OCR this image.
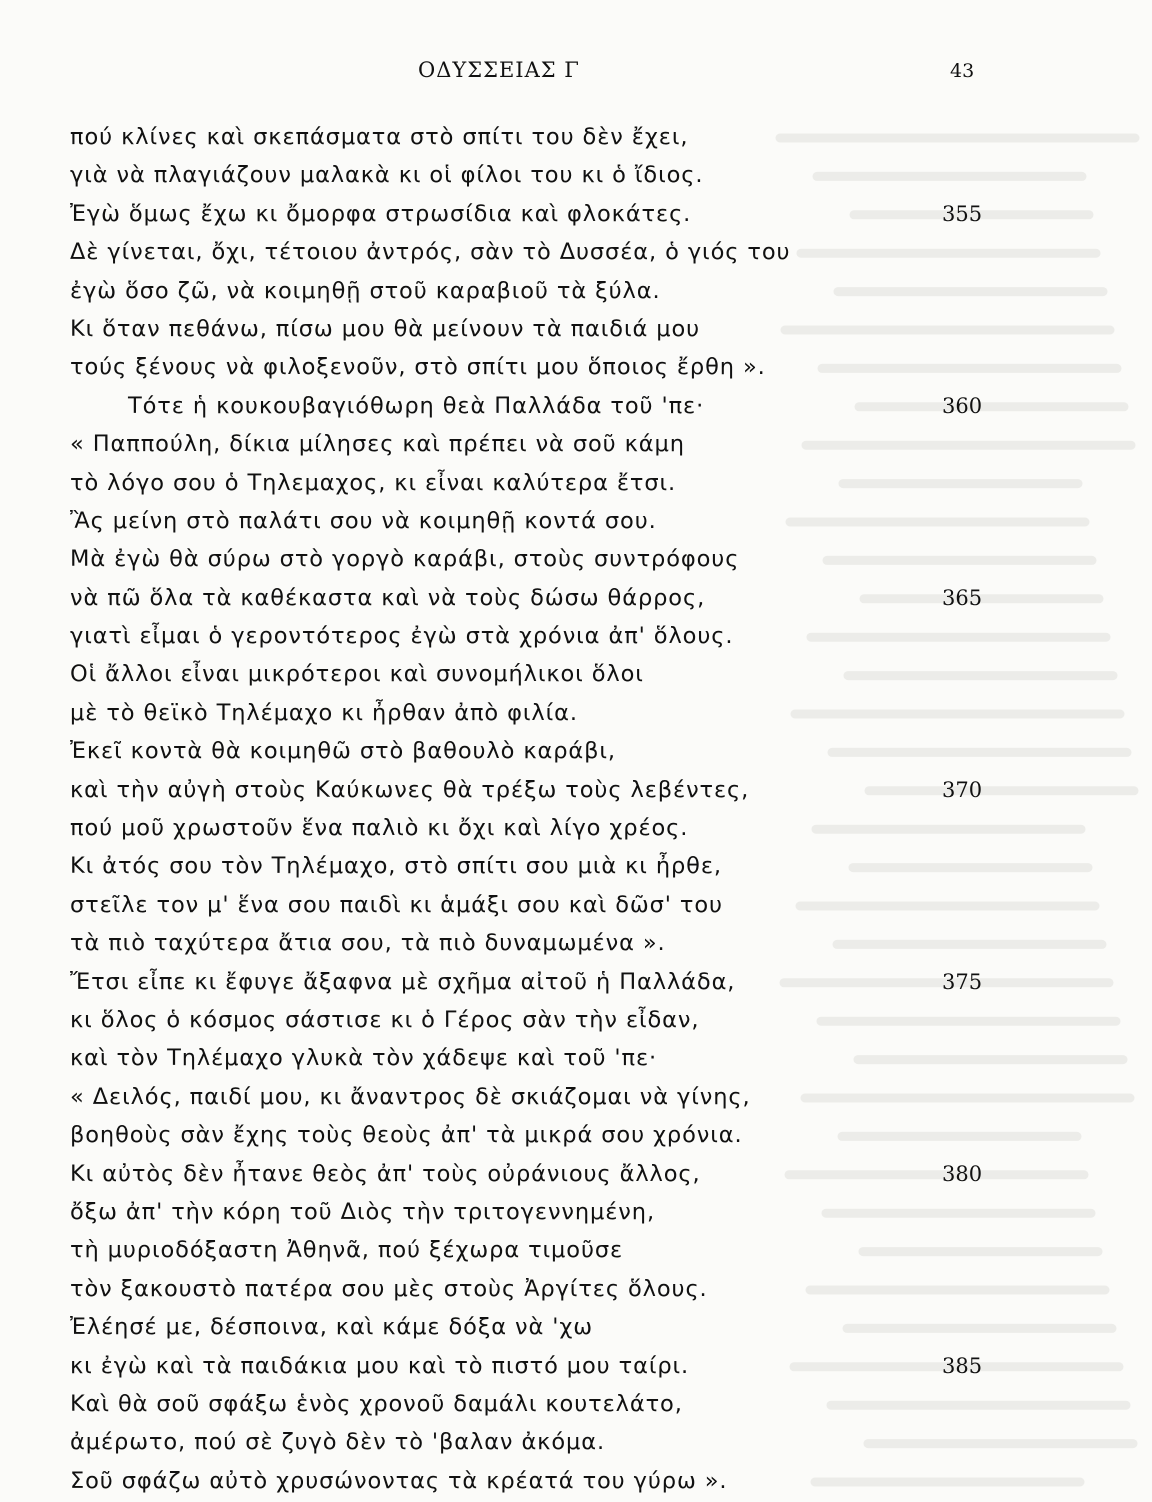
ΟΔΥΣΣΕΙΑΣ Γ	43
πού κλίνες καὶ σκεπάσματα στὸ σπίτι του δὲν ἔχει,
γιὰ νὰ πλαγιάζουν μαλακὰ κι οἱ φίλοι του κι ὁ ἴδιος.
Ἐγὼ ὅμως ἔχω κι ὄμορφα στρωσίδια καὶ φλοκάτες.	355
Δὲ γίνεται, ὄχι, τέτοιου ἀντρός, σὰν τὸ Δυσσέα, ὁ γιός του
ἐγὼ ὅσο ζῶ, νὰ κοιμηθῇ στοῦ καραβιοῦ τὰ ξύλα.
Κι ὅταν πεθάνω, πίσω μου θὰ μείνουν τὰ παιδιά μου
τούς ξένους νὰ φιλοξενοῦν, στὸ σπίτι μου ὅποιος ἔρθη ».
Τότε ἡ κουκουβαγιόθωρη θεὰ Παλλάδα τοῦ 'πε·	360
« Παππούλη, δίκια μίλησες καὶ πρέπει νὰ σοῦ κάμη
τὸ λόγο σου ὁ Τηλεμαχος, κι εἶναι καλύτερα ἔτσι.
Ἂς μείνη στὸ παλάτι σου νὰ κοιμηθῇ κοντά σου.
Μὰ ἐγὼ θὰ σύρω στὸ γοργὸ καράβι, στοὺς συντρόφους
νὰ πῶ ὅλα τὰ καθέκαστα καὶ νὰ τοὺς δώσω θάρρος,	365
γιατὶ εἶμαι ὁ γεροντότερος ἐγὼ στὰ χρόνια ἀπ' ὅλους.
Οἱ ἄλλοι εἶναι μικρότεροι καὶ συνομήλικοι ὅλοι
μὲ τὸ θεϊκὸ Τηλέμαχο κι ἦρθαν ἀπὸ φιλία.
Ἐκεῖ κοντὰ θὰ κοιμηθῶ στὸ βαθουλὸ καράβι,
καὶ τὴν αὐγὴ στοὺς Καύκωνες θὰ τρέξω τοὺς λεβέντες,	370
πού μοῦ χρωστοῦν ἕνα παλιὸ κι ὄχι καὶ λίγο χρέος.
Κι ἀτός σου τὸν Τηλέμαχο, στὸ σπίτι σου μιὰ κι ἦρθε,
στεῖλε τον μ' ἕνα σου παιδὶ κι ἁμάξι σου καὶ δῶσ' του
τὰ πιὸ ταχύτερα ἄτια σου, τὰ πιὸ δυναμωμένα ».
Ἔτσι εἶπε κι ἔφυγε ἄξαφνα μὲ σχῆμα αἰτοῦ ἡ Παλλάδα,	375
κι ὅλος ὁ κόσμος σάστισε κι ὁ Γέρος σὰν τὴν εἶδαν,
καὶ τὸν Τηλέμαχο γλυκὰ τὸν χάδεψε καὶ τοῦ 'πε·
« Δειλός, παιδί μου, κι ἄναντρος δὲ σκιάζομαι νὰ γίνης,
βοηθοὺς σὰν ἔχης τοὺς θεοὺς ἀπ' τὰ μικρά σου χρόνια.
Κι αὐτὸς δὲν ἦτανε θεὸς ἀπ' τοὺς οὐράνιους ἄλλος,	380
ὄξω ἀπ' τὴν κόρη τοῦ Διὸς τὴν τριτογεννημένη,
τὴ μυριοδόξαστη Ἀθηνᾶ, πού ξέχωρα τιμοῦσε
τὸν ξακουστὸ πατέρα σου μὲς στοὺς Ἀργίτες ὅλους.
Ἐλέησέ με, δέσποινα, καὶ κάμε δόξα νὰ 'χω
κι ἐγὼ καὶ τὰ παιδάκια μου καὶ τὸ πιστό μου ταίρι.	385
Καὶ θὰ σοῦ σφάξω ἑνὸς χρονοῦ δαμάλι κουτελάτο,
ἀμέρωτο, πού σὲ ζυγὸ δὲν τὸ 'βαλαν ἀκόμα.
Σοῦ σφάζω αὐτὸ χρυσώνοντας τὰ κρέατά του γύρω ».
